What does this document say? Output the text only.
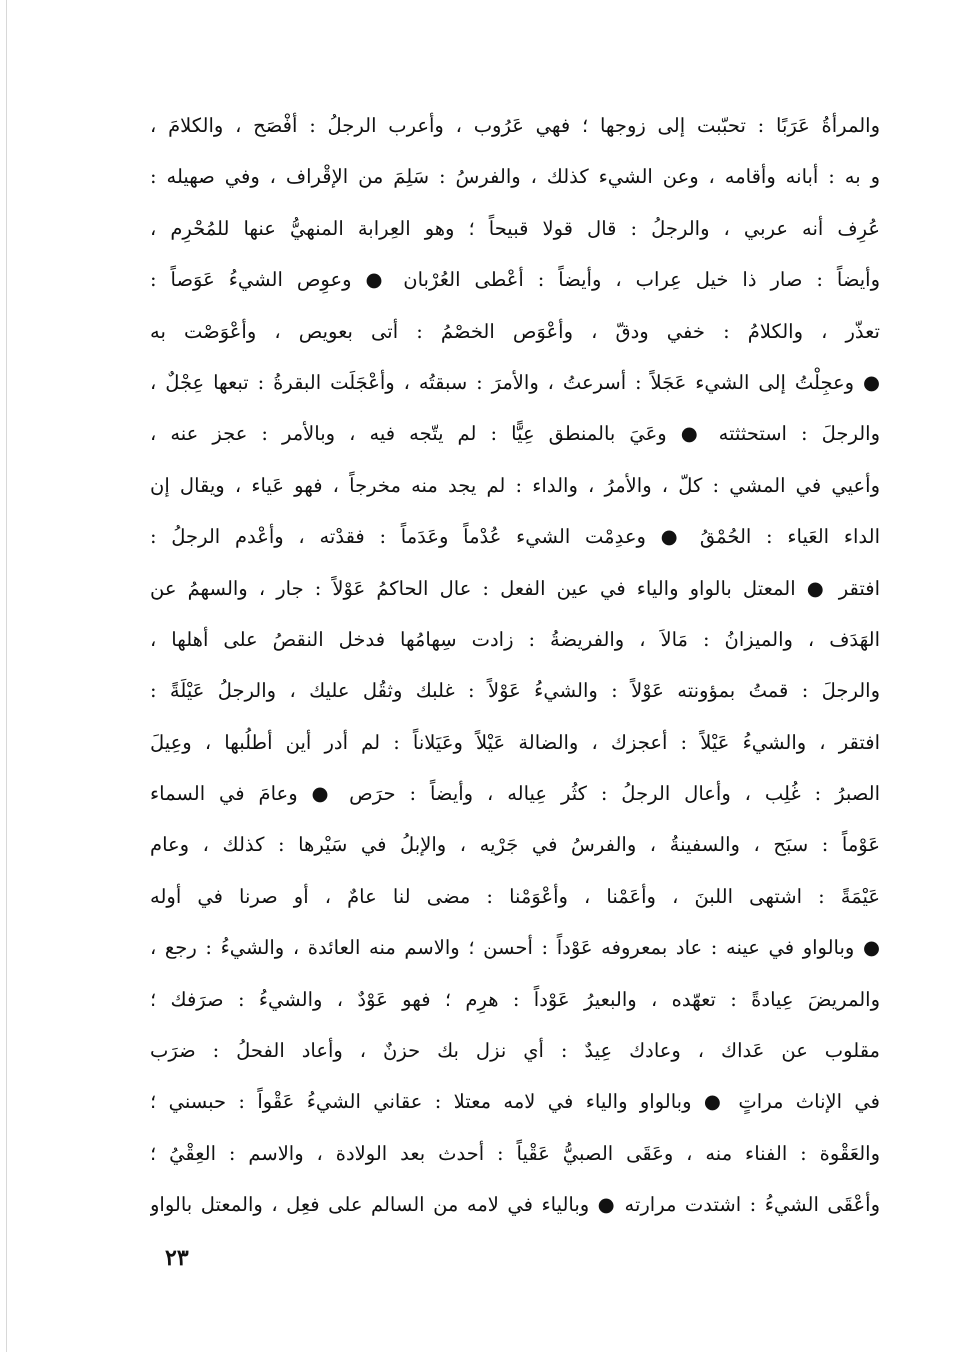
والمرأةُ عَرَبًا : تحبّبت إلى زوجها ؛ فهي عَرُوب ، وأعرب الرجلُ : أفْصَح ، والكلامَ ،
و به : أبانه وأقامه ، وعن الشيء كذلك ، والفرسُ : سَلِمَ من الإقْراف ، وفي صهيله :
عُرِف أنه عربي ، والرجلُ : قال قولا قبيحاً ؛ وهو العِرابة المنهيُّ عنها للمُحْرِم ،
وأيضاً : صار ذا خيل عِراب ، وأيضاً : أعْطى العُرْبان ● وعوِص الشيءُ عَوَصاً :
تعذّر ، والكلامُ : خفي ودقّ ، وأعْوَص الخصْمُ : أتى بعويص ، وأعْوَصْت به
● وعجِلْتُ إلى الشيء عَجَلاً : أسرعتُ ، والأمرَ : سبقتُه ، وأعْجَلَت البقرةُ : تبعها عِجْلٌ ،
والرجلَ : استحثثته ● وعَيَ بالمنطق عِيًّا : لم يتّجه فيه ، وبالأمر : عجز عنه ،
وأعيي في المشي : كلّ ، والأمرُ ، والداء : لم يجد منه مخرجاً ، فهو عَياء ، ويقال إن
الداء العَياء : الحُمْقُ ● وعدِمْت الشيء عُدْماً وعَدَماً : فقدْته ، وأعْدم الرجلُ :
افتقر ● المعتل بالواو والياء في عين الفعل : عال الحاكمُ عَوْلاً : جار ، والسهمُ عن
الهَدَف ، والميزانُ : مَالاَ ، والفريضةُ : زادت سِهامُها فدخل النقصُ على أهلها ،
والرجلَ : قمتُ بمؤونته عَوْلاً : والشيءُ عَوْلاً : غلبك وثقُل عليك ، والرجلُ عَيْلَةً :
افتقر ، والشيءُ عَيْلاً : أعجزك ، والضالة عَيْلاً وعَيَلاناً : لم أدر أين أطلُبها ، وعِيلَ
الصبرُ : غُلِب ، وأعال الرجلُ : كثُر عِياله ، وأيضاً : حرَص ● وعامَ في السماء
عَوْماً : سبَح ، والسفينةُ ، والفرسُ في جَرْيه ، والإبلُ في سَيْرها : كذلك ، وعام
عَيْمَةً : اشتهى اللبنَ ، وأعَمْنا ، وأعْوَمْنا : مضى لنا عامٌ ، أو صرنا في أوله
● وبالواو في عينه : عاد بمعروفه عَوْداً : أحسن ؛ والاسم منه العائدة ، والشيءُ : رجع ،
والمريضَ عِيادةً : تعهّده ، والبعيرُ عَوْداً : هرِم ؛ فهو عَوْدٌ ، والشيءُ : صرَفك ؛
مقلوب عن عَداك ، وعادك عِيدٌ : أي نزل بك حزنٌ ، وأعاد الفحلُ : ضرَب
في الإناث مراتٍ ● وبالواو والياء في لامه معتلا : عقاني الشيءُ عَقْواً : حبسني ؛
والعَقْوة : الفناء منه ، وعَقَى الصبيُّ عَقْياً : أحدث بعد الولادة ، والاسم : العِقْيُ ؛
وأعْقَى الشيءُ : اشتدت مرارته ● وبالياء في لامه من السالم على فعِل ، والمعتل بالواو
٢٣
